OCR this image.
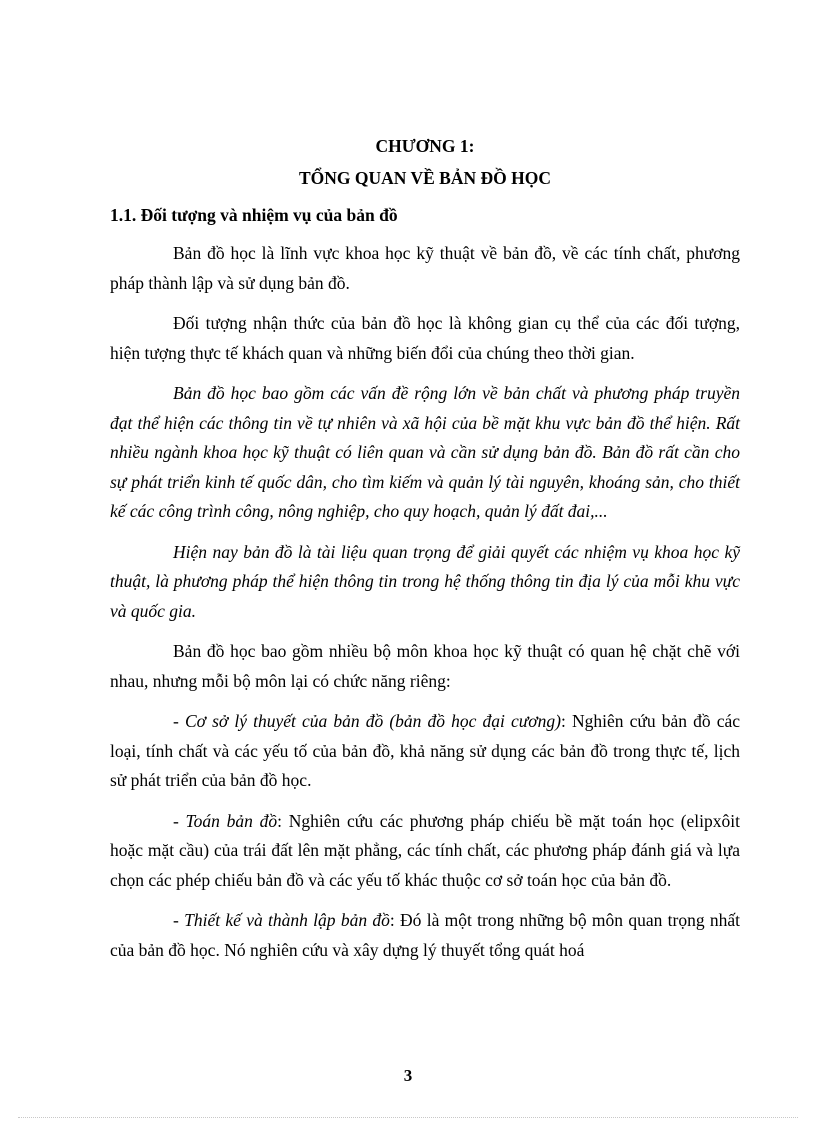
CHƯƠNG 1:
TỔNG QUAN VỀ BẢN ĐỒ HỌC
1.1. Đối tượng và nhiệm vụ của bản đồ

Bản đồ học là lĩnh vực khoa học kỹ thuật về bản đồ, về các tính chất, phương pháp thành lập và sử dụng bản đồ.

Đối tượng nhận thức của bản đồ học là không gian cụ thể của các đối tượng, hiện tượng thực tế khách quan và những biến đổi của chúng theo thời gian.

Bản đồ học bao gồm các vấn đề rộng lớn về bản chất và phương pháp truyền đạt thể hiện các thông tin về tự nhiên và xã hội của bề mặt khu vực bản đồ thể hiện. Rất nhiều ngành khoa học kỹ thuật có liên quan và cần sử dụng bản đồ. Bản đồ rất cần cho sự phát triển kinh tế quốc dân, cho tìm kiếm và quản lý tài nguyên, khoáng sản, cho thiết kế các công trình công, nông nghiệp, cho quy hoạch, quản lý đất đai,...

Hiện nay bản đồ là tài liệu quan trọng để giải quyết các nhiệm vụ khoa học kỹ thuật, là phương pháp thể hiện thông tin trong hệ thống thông tin địa lý của mỗi khu vực và quốc gia.

Bản đồ học bao gồm nhiều bộ môn khoa học kỹ thuật có quan hệ chặt chẽ với nhau, nhưng mỗi bộ môn lại có chức năng riêng:

- Cơ sở lý thuyết của bản đồ (bản đồ học đại cương): Nghiên cứu bản đồ các loại, tính chất và các yếu tố của bản đồ, khả năng sử dụng các bản đồ trong thực tế, lịch sử phát triển của bản đồ học.

- Toán bản đồ: Nghiên cứu các phương pháp chiếu bề mặt toán học (elipxôit hoặc mặt cầu) của trái đất lên mặt phẳng, các tính chất, các phương pháp đánh giá và lựa chọn các phép chiếu bản đồ và các yếu tố khác thuộc cơ sở toán học của bản đồ.

- Thiết kế và thành lập bản đồ: Đó là một trong những bộ môn quan trọng nhất của bản đồ học. Nó nghiên cứu và xây dựng lý thuyết tổng quát hoá

3
